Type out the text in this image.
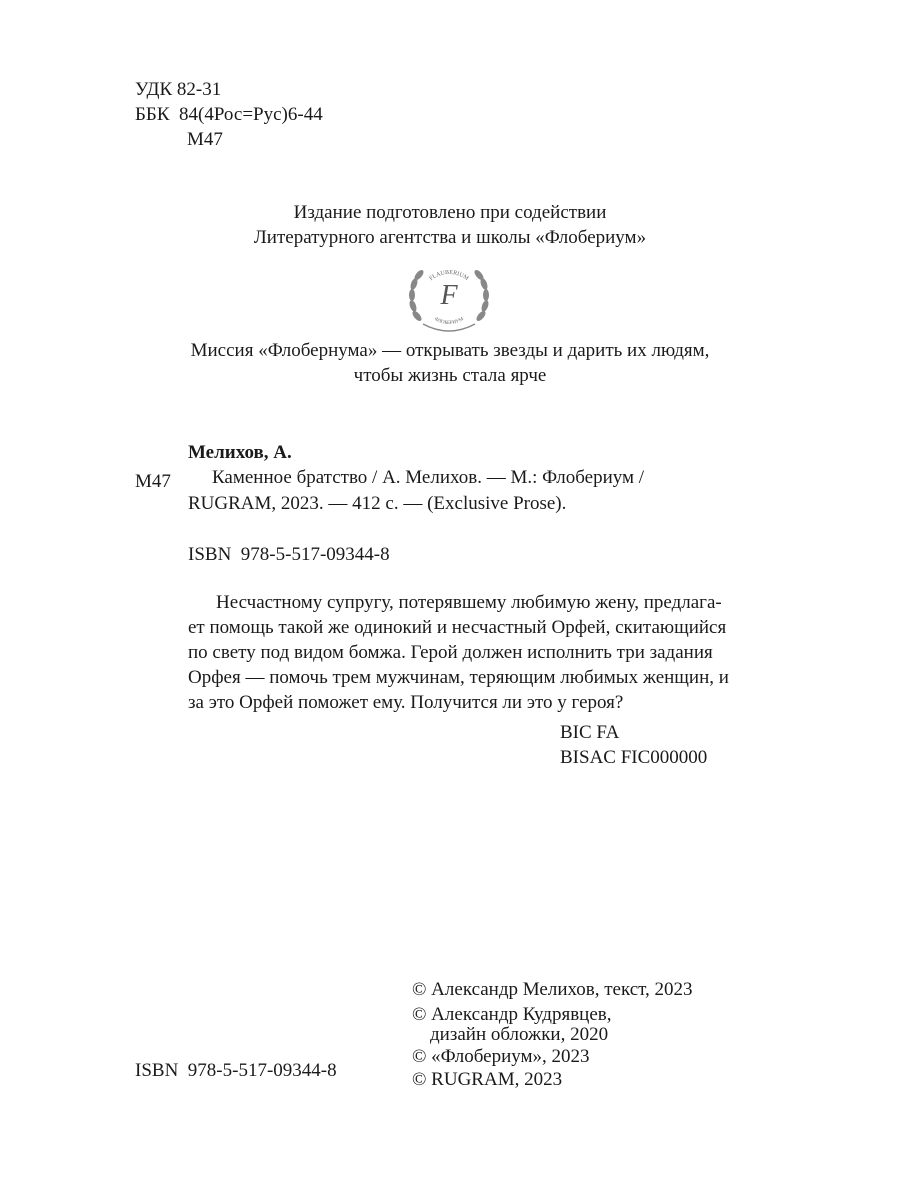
УДК 82-31
ББК  84(4Рос=Рус)6-44
М47
Издание подготовлено при содействии
Литературного агентства и школы «Флобериум»
FLAUBERIUM
ФЛОБЕРИУМ
F
Миссия «Флобернума» — открывать звезды и дарить их людям,
чтобы жизнь стала ярче
Мелихов, А.
М47 Каменное братство / А. Мелихов. — М.: Флобериум /
RUGRAM, 2023. — 412 с. — (Exclusive Prose).
ISBN  978-5-517-09344-8

Несчастному супругу, потерявшему любимую жену, предлага-

ет помощь такой же одинокий и несчастный Орфей, скитающийся

по свету под видом бомжа. Герой должен исполнить три задания

Орфея — помочь трем мужчинам, теряющим любимых женщин, и

за это Орфей поможет ему. Получится ли это у героя?

BIC FA
BISAC FIC000000
ISBN  978-5-517-09344-8
© Александр Мелихов, текст, 2023
© Александр Кудрявцев,
дизайн обложки, 2020
© «Флобериум», 2023
© RUGRAM, 2023
